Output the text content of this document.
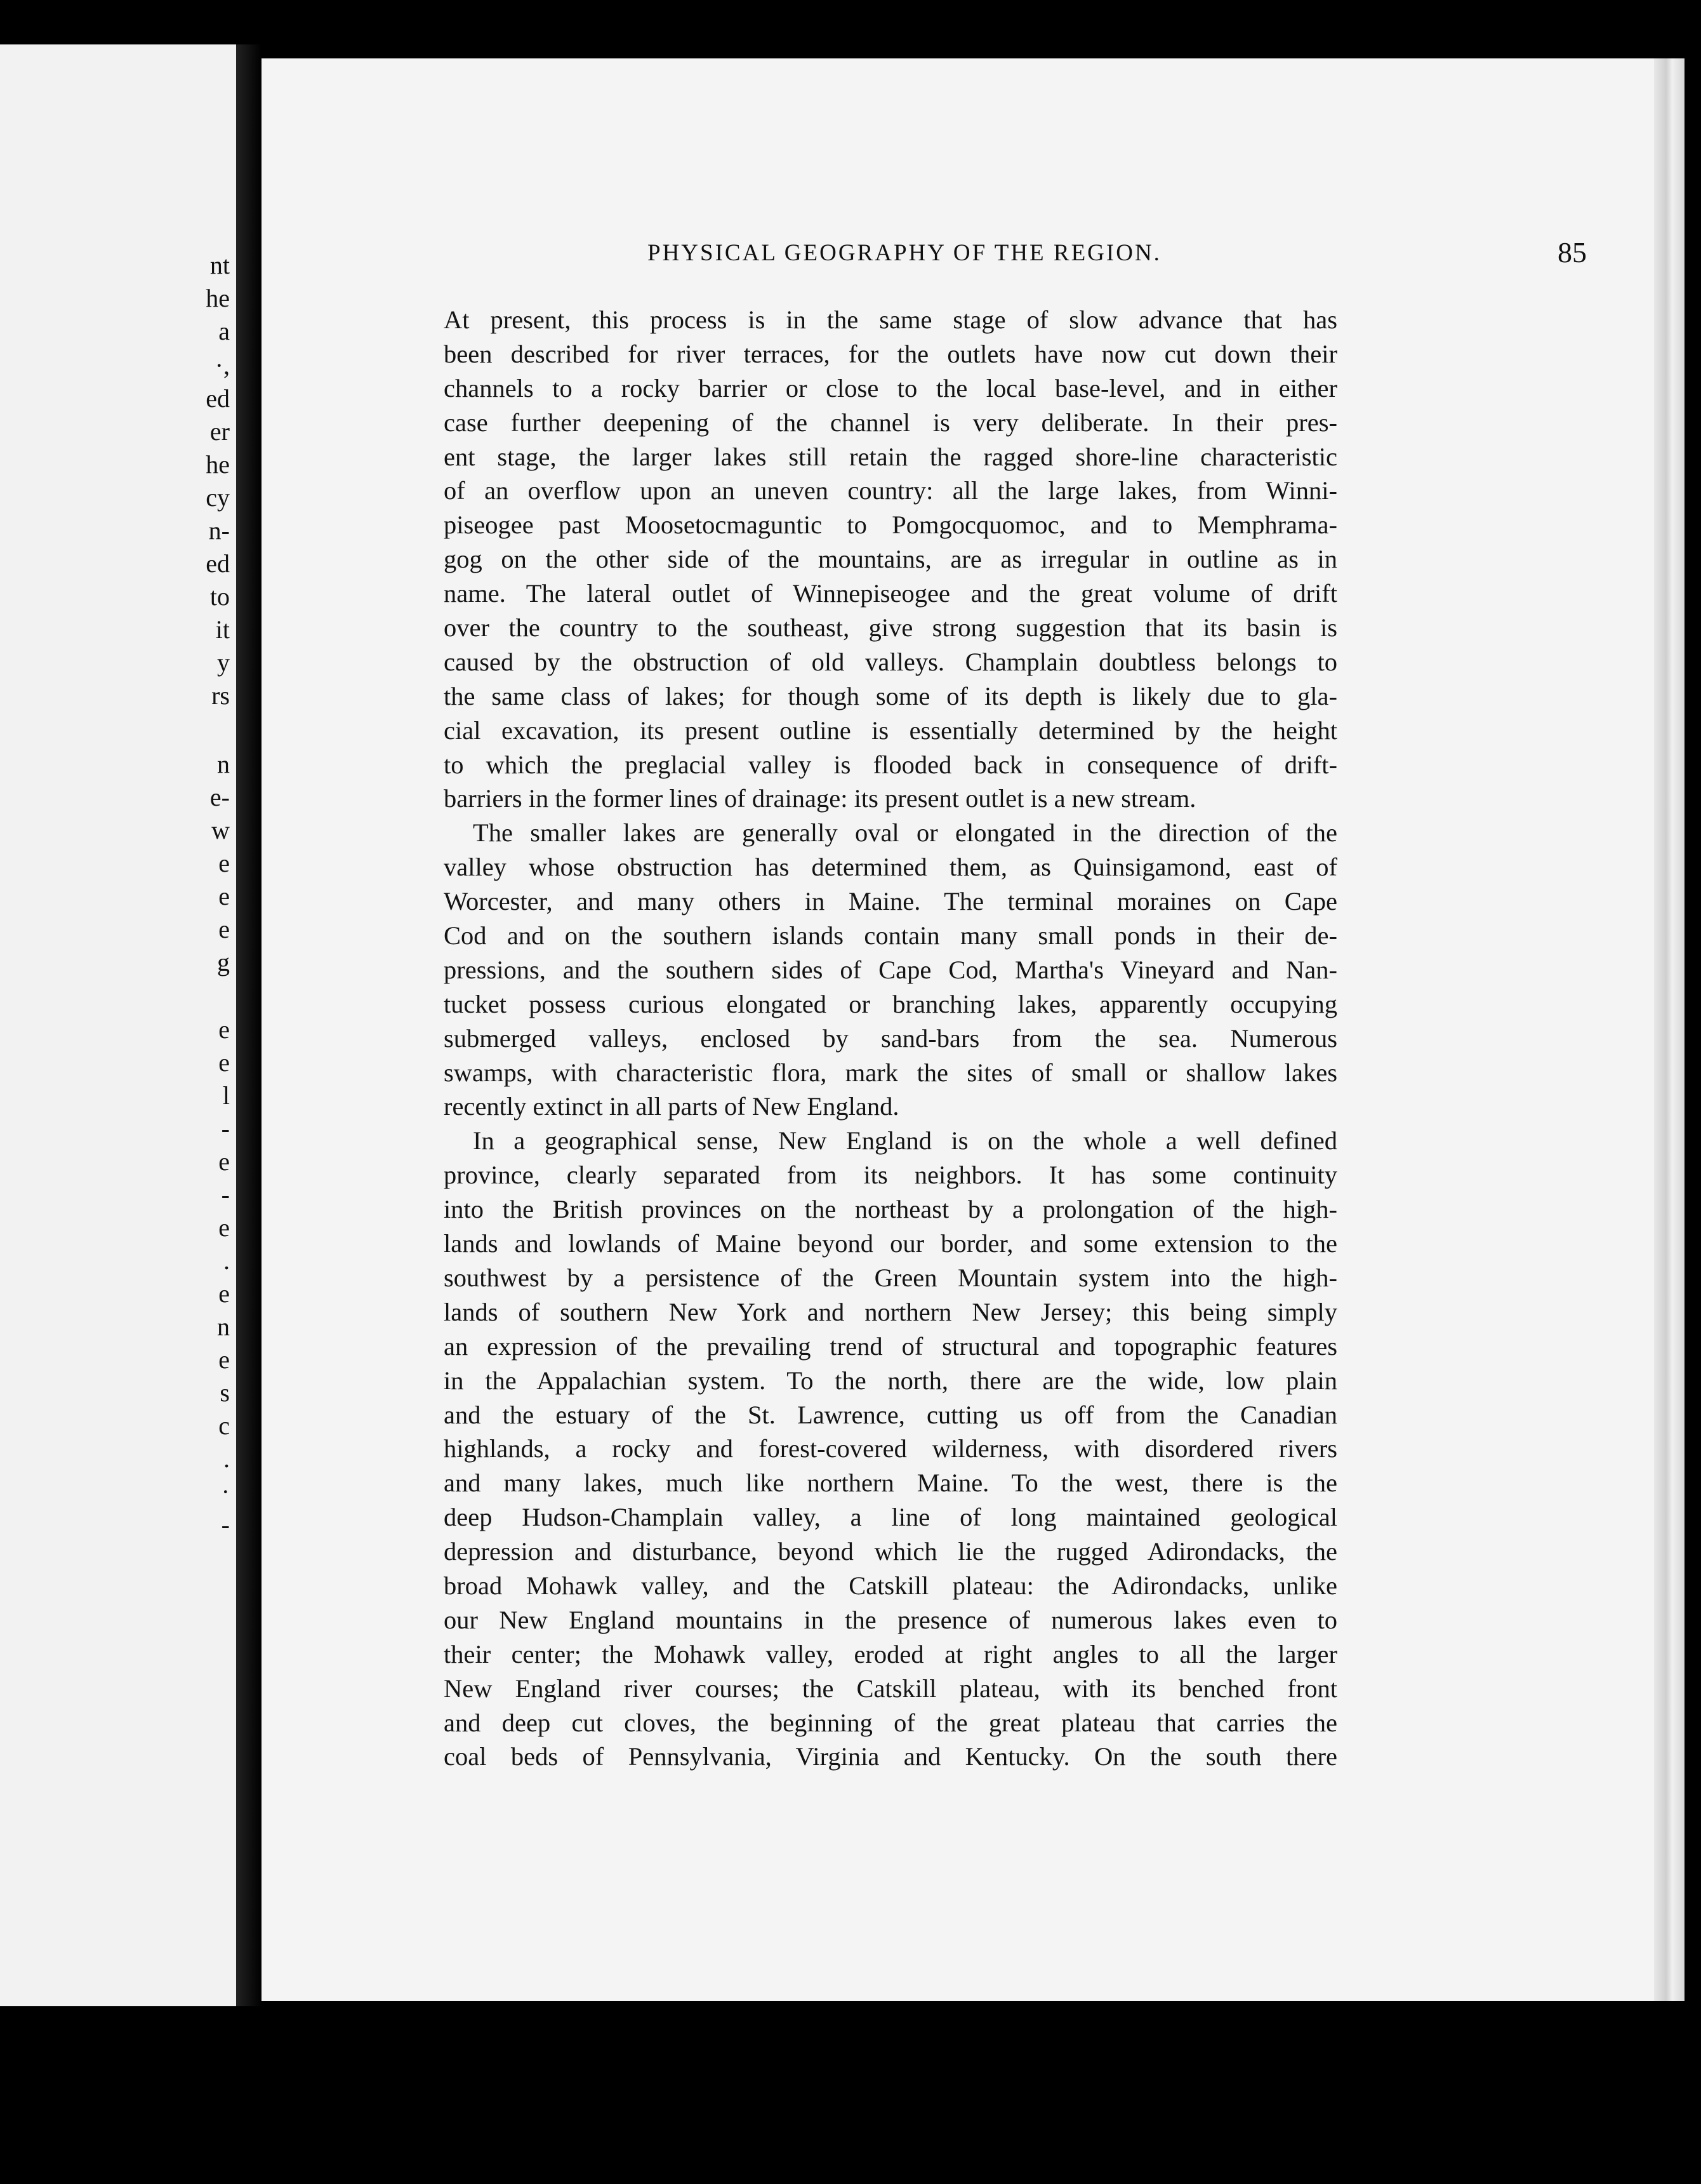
nt
he
a
·,
ed
er
he
cy
n-
ed
to
it
y
rs
n
e-
w
e
e
e
g
e
e
l
-
e
-
e
.
e
n
e
s
c
.
·
-
PHYSICAL GEOGRAPHY OF THE REGION.	85
At present, this process is in the same stage of slow advance that has
been described for river terraces, for the outlets have now cut down their
channels to a rocky barrier or close to the local base-level, and in either
case further deepening of the channel is very deliberate. In their pres-
ent stage, the larger lakes still retain the ragged shore-line characteristic
of an overflow upon an uneven country: all the large lakes, from Winni-
piseogee past Moosetocmaguntic to Pomgocquomoc, and to Memphrama-
gog on the other side of the mountains, are as irregular in outline as in
name. The lateral outlet of Winnepiseogee and the great volume of drift
over the country to the southeast, give strong suggestion that its basin is
caused by the obstruction of old valleys. Champlain doubtless belongs to
the same class of lakes; for though some of its depth is likely due to gla-
cial excavation, its present outline is essentially determined by the height
to which the preglacial valley is flooded back in consequence of drift-
barriers in the former lines of drainage: its present outlet is a new stream.
The smaller lakes are generally oval or elongated in the direction of the
valley whose obstruction has determined them, as Quinsigamond, east of
Worcester, and many others in Maine. The terminal moraines on Cape
Cod and on the southern islands contain many small ponds in their de-
pressions, and the southern sides of Cape Cod, Martha's Vineyard and Nan-
tucket possess curious elongated or branching lakes, apparently occupying
submerged valleys, enclosed by sand-bars from the sea. Numerous
swamps, with characteristic flora, mark the sites of small or shallow lakes
recently extinct in all parts of New England.
In a geographical sense, New England is on the whole a well defined
province, clearly separated from its neighbors. It has some continuity
into the British provinces on the northeast by a prolongation of the high-
lands and lowlands of Maine beyond our border, and some extension to the
southwest by a persistence of the Green Mountain system into the high-
lands of southern New York and northern New Jersey; this being simply
an expression of the prevailing trend of structural and topographic features
in the Appalachian system. To the north, there are the wide, low plain
and the estuary of the St. Lawrence, cutting us off from the Canadian
highlands, a rocky and forest-covered wilderness, with disordered rivers
and many lakes, much like northern Maine. To the west, there is the
deep Hudson-Champlain valley, a line of long maintained geological
depression and disturbance, beyond which lie the rugged Adirondacks, the
broad Mohawk valley, and the Catskill plateau: the Adirondacks, unlike
our New England mountains in the presence of numerous lakes even to
their center; the Mohawk valley, eroded at right angles to all the larger
New England river courses; the Catskill plateau, with its benched front
and deep cut cloves, the beginning of the great plateau that carries the
coal beds of Pennsylvania, Virginia and Kentucky. On the south there
